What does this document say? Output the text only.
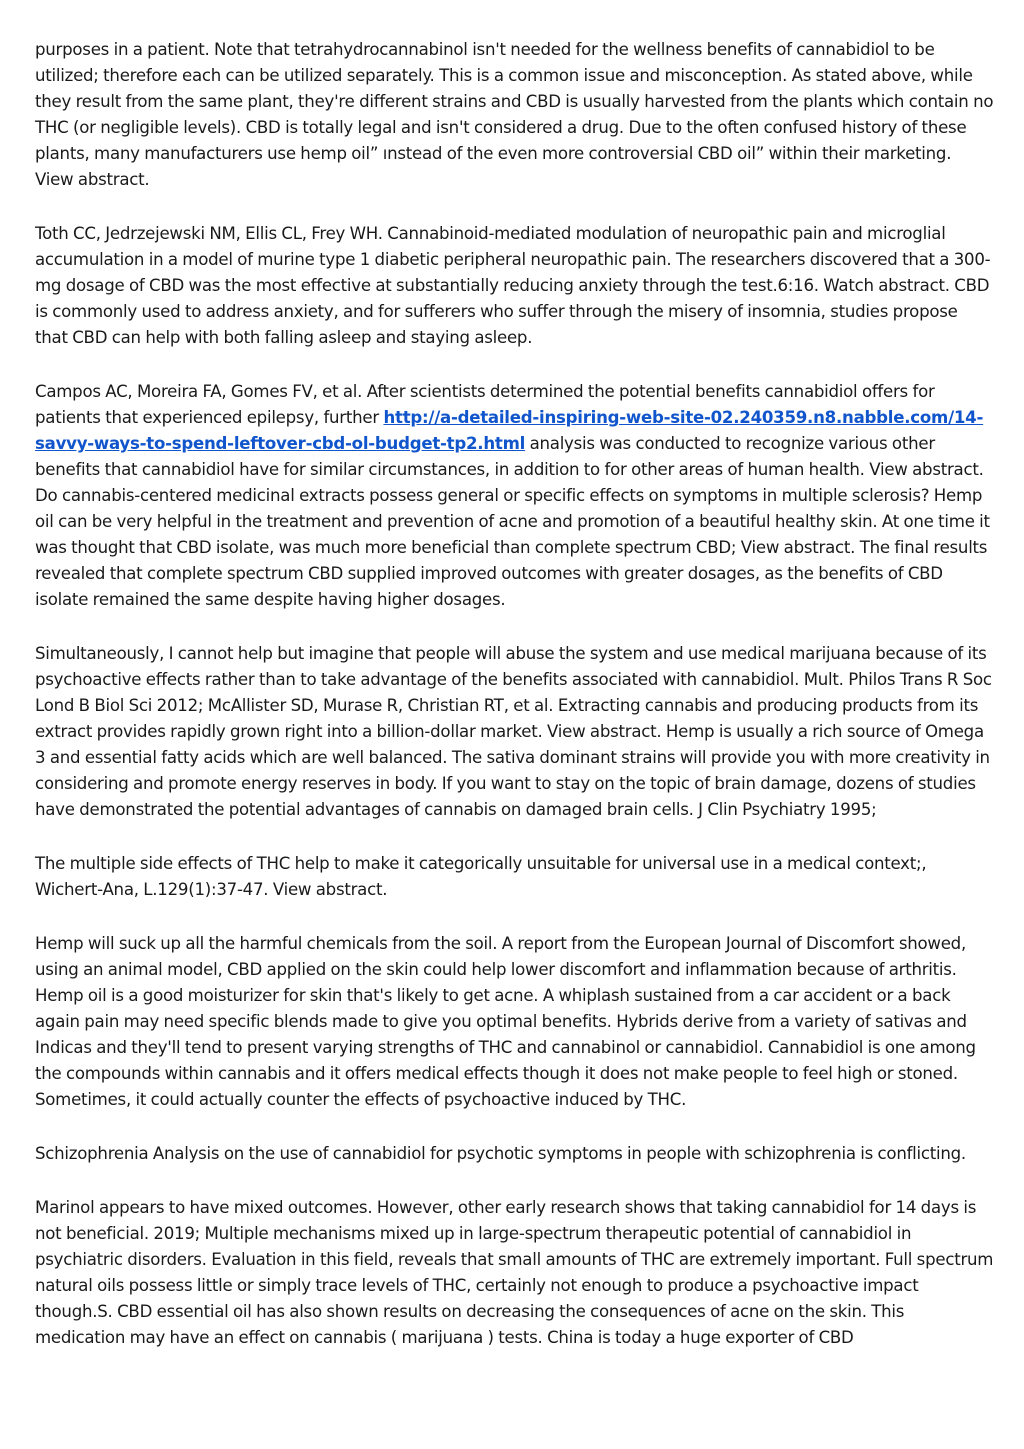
purposes in a patient. Note that tetrahydrocannabinol isn't needed for the wellness benefits of cannabidiol to be utilized; therefore each can be utilized separately. This is a common issue and misconception. As stated above, while they result from the same plant, they're different strains and CBD is usually harvested from the plants which contain no THC (or negligible levels). CBD is totally legal and isn't considered a drug. Due to the often confused history of these plants, many manufacturers use hemp oil” ınstead of the even more controversial CBD oil” within their marketing. View abstract.

Toth CC, Jedrzejewski NM, Ellis CL, Frey WH. Cannabinoid-mediated modulation of neuropathic pain and microglial accumulation in a model of murine type 1 diabetic peripheral neuropathic pain. The researchers discovered that a 300-mg dosage of CBD was the most effective at substantially reducing anxiety through the test.6:16. Watch abstract. CBD is commonly used to address anxiety, and for sufferers who suffer through the misery of insomnia, studies propose that CBD can help with both falling asleep and staying asleep.

Campos AC, Moreira FA, Gomes FV, et al. After scientists determined the potential benefits cannabidiol offers for patients that experienced epilepsy, further http://a-detailed-inspiring-web-site-02.240359.n8.nabble.com/14-savvy-ways-to-spend-leftover-cbd-ol-budget-tp2.html analysis was conducted to recognize various other benefits that cannabidiol have for similar circumstances, in addition to for other areas of human health. View abstract. Do cannabis-centered medicinal extracts possess general or specific effects on symptoms in multiple sclerosis? Hemp oil can be very helpful in the treatment and prevention of acne and promotion of a beautiful healthy skin. At one time it was thought that CBD isolate, was much more beneficial than complete spectrum CBD; View abstract. The final results revealed that complete spectrum CBD supplied improved outcomes with greater dosages, as the benefits of CBD isolate remained the same despite having higher dosages.

Simultaneously, I cannot help but imagine that people will abuse the system and use medical marijuana because of its psychoactive effects rather than to take advantage of the benefits associated with cannabidiol. Mult. Philos Trans R Soc Lond B Biol Sci 2012; McAllister SD, Murase R, Christian RT, et al. Extracting cannabis and producing products from its extract provides rapidly grown right into a billion-dollar market. View abstract. Hemp is usually a rich source of Omega 3 and essential fatty acids which are well balanced. The sativa dominant strains will provide you with more creativity in considering and promote energy reserves in body. If you want to stay on the topic of brain damage, dozens of studies have demonstrated the potential advantages of cannabis on damaged brain cells. J Clin Psychiatry 1995;

The multiple side effects of THC help to make it categorically unsuitable for universal use in a medical context;, Wichert-Ana, L.129(1):37-47. View abstract.

Hemp will suck up all the harmful chemicals from the soil. A report from the European Journal of Discomfort showed, using an animal model, CBD applied on the skin could help lower discomfort and inflammation because of arthritis. Hemp oil is a good moisturizer for skin that's likely to get acne. A whiplash sustained from a car accident or a back again pain may need specific blends made to give you optimal benefits. Hybrids derive from a variety of sativas and Indicas and they'll tend to present varying strengths of THC and cannabinol or cannabidiol. Cannabidiol is one among the compounds within cannabis and it offers medical effects though it does not make people to feel high or stoned. Sometimes, it could actually counter the effects of psychoactive induced by THC.

Schizophrenia Analysis on the use of cannabidiol for psychotic symptoms in people with schizophrenia is conflicting.

Marinol appears to have mixed outcomes. However, other early research shows that taking cannabidiol for 14 days is not beneficial. 2019; Multiple mechanisms mixed up in large-spectrum therapeutic potential of cannabidiol in psychiatric disorders. Evaluation in this field, reveals that small amounts of THC are extremely important. Full spectrum natural oils possess little or simply trace levels of THC, certainly not enough to produce a psychoactive impact though.S. CBD essential oil has also shown results on decreasing the consequences of acne on the skin. This medication may have an effect on cannabis ( marijuana ) tests. China is today a huge exporter of CBD
